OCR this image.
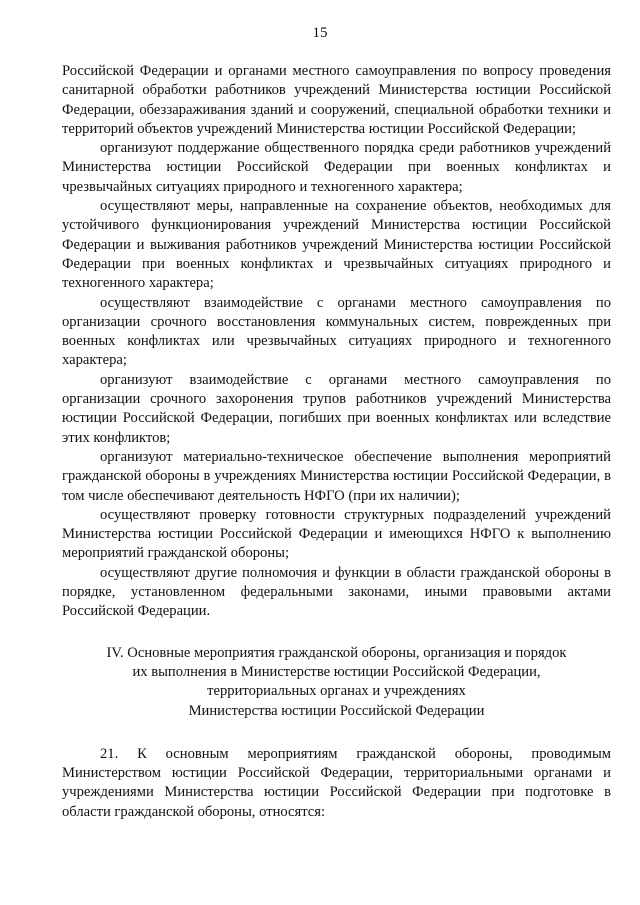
15

Российской Федерации и органами местного самоуправления по вопросу проведения санитарной обработки работников учреждений Министерства юстиции Российской Федерации, обеззараживания зданий и сооружений, специальной обработки техники и территорий объектов учреждений Министерства юстиции Российской Федерации;

организуют поддержание общественного порядка среди работников учреждений Министерства юстиции Российской Федерации при военных конфликтах и чрезвычайных ситуациях природного и техногенного характера;

осуществляют меры, направленные на сохранение объектов, необходимых для устойчивого функционирования учреждений Министерства юстиции Российской Федерации и выживания работников учреждений Министерства юстиции Российской Федерации при военных конфликтах и чрезвычайных ситуациях природного и техногенного характера;

осуществляют взаимодействие с органами местного самоуправления по организации срочного восстановления коммунальных систем, поврежденных при военных конфликтах или чрезвычайных ситуациях природного и техногенного характера;

организуют взаимодействие с органами местного самоуправления по организации срочного захоронения трупов работников учреждений Министерства юстиции Российской Федерации, погибших при военных конфликтах или вследствие этих конфликтов;

организуют материально-техническое обеспечение выполнения мероприятий гражданской обороны в учреждениях Министерства юстиции Российской Федерации, в том числе обеспечивают деятельность НФГО (при их наличии);

осуществляют проверку готовности структурных подразделений учреждений Министерства юстиции Российской Федерации и имеющихся НФГО к выполнению мероприятий гражданской обороны;

осуществляют другие полномочия и функции в области гражданской обороны в порядке, установленном федеральными законами, иными правовыми актами Российской Федерации.

IV. Основные мероприятия гражданской обороны, организация и порядок
их выполнения в Министерстве юстиции Российской Федерации,
территориальных органах и учреждениях
Министерства юстиции Российской Федерации

21. К основным мероприятиям гражданской обороны, проводимым Министерством юстиции Российской Федерации, территориальными органами и учреждениями Министерства юстиции Российской Федерации при подготовке в области гражданской обороны, относятся:
